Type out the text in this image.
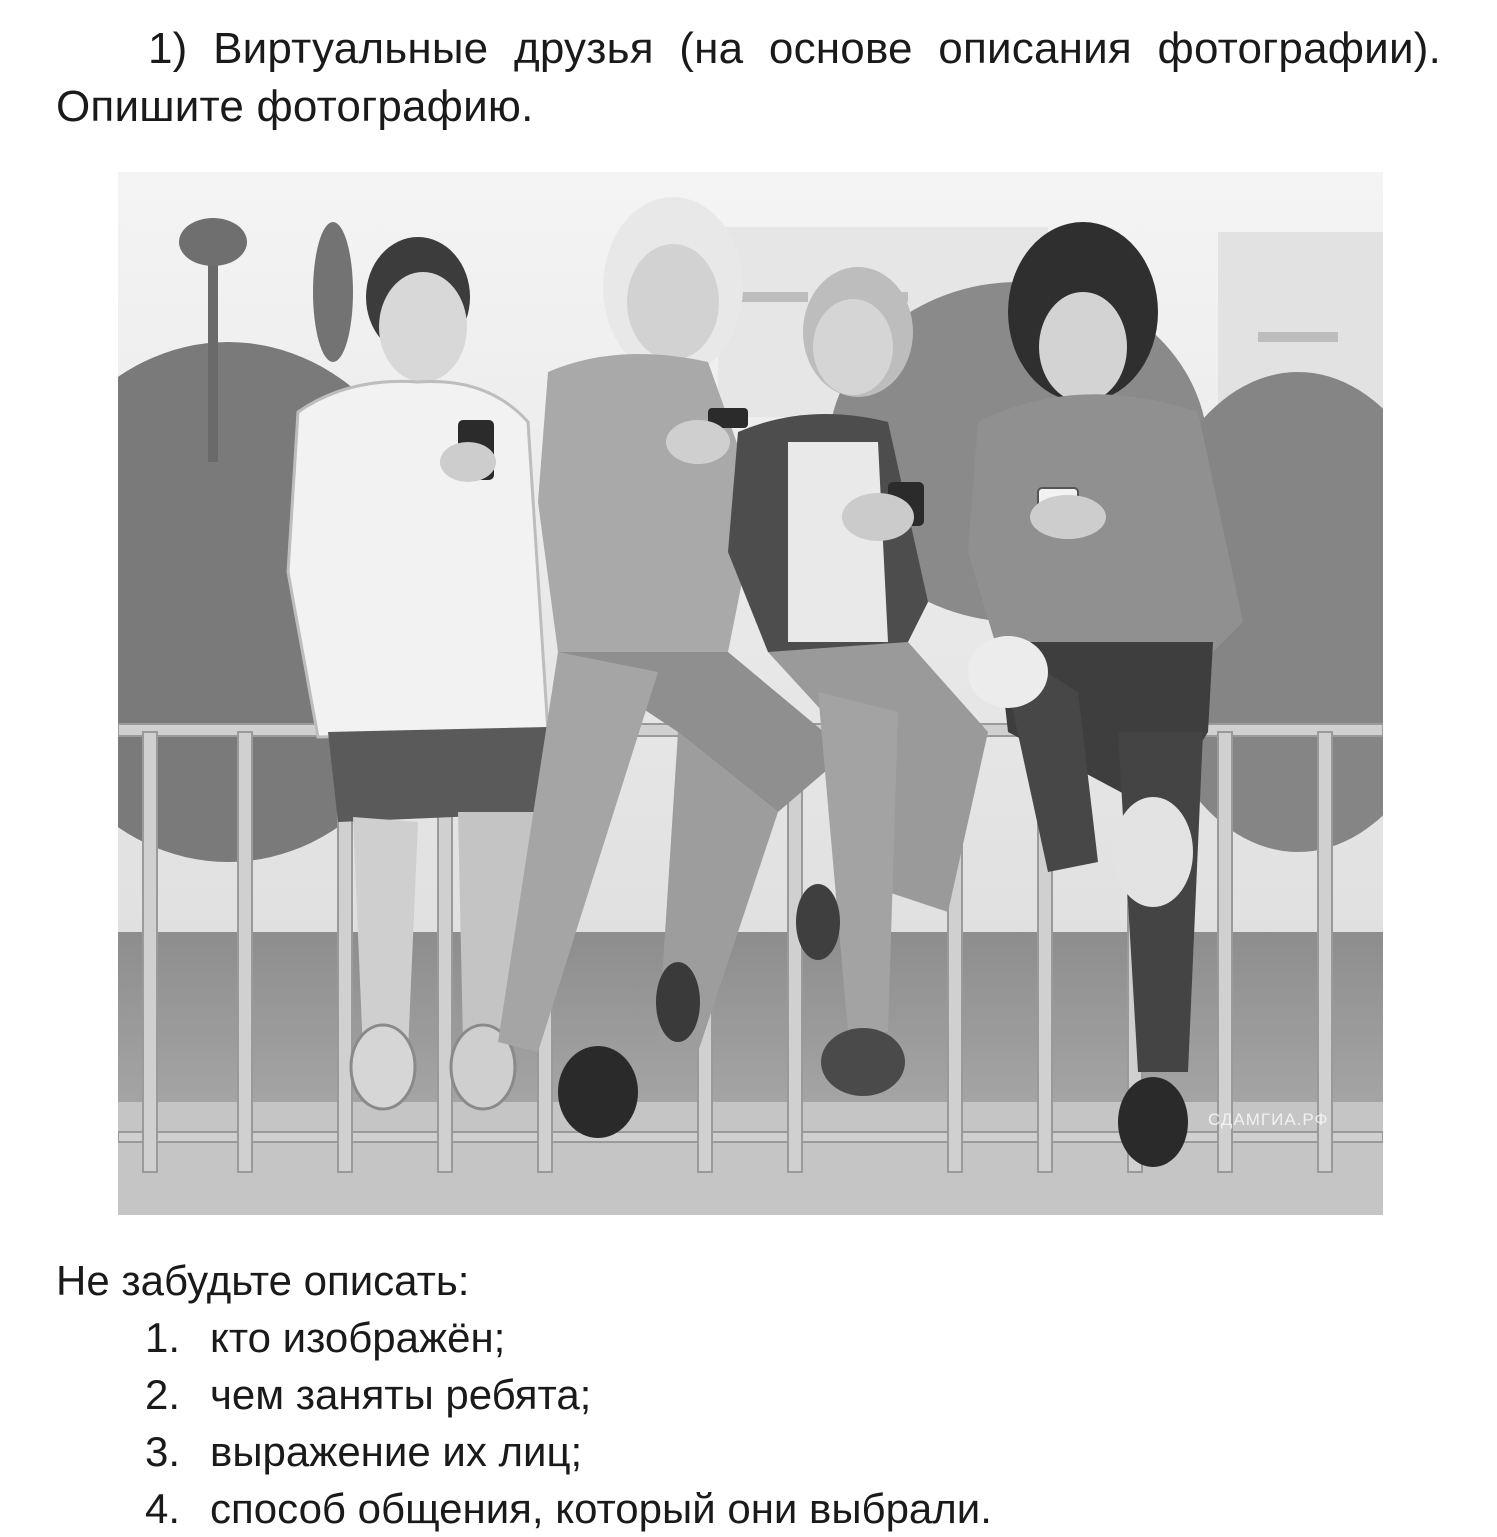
1) Виртуальные друзья (на основе описания фотографии). Опишите фотографию.
СДАМГИА.РФ
Не забудьте описать:
1. кто изображён;
2. чем заняты ребята;
3. выражение их лиц;
4. способ общения, который они выбрали.
